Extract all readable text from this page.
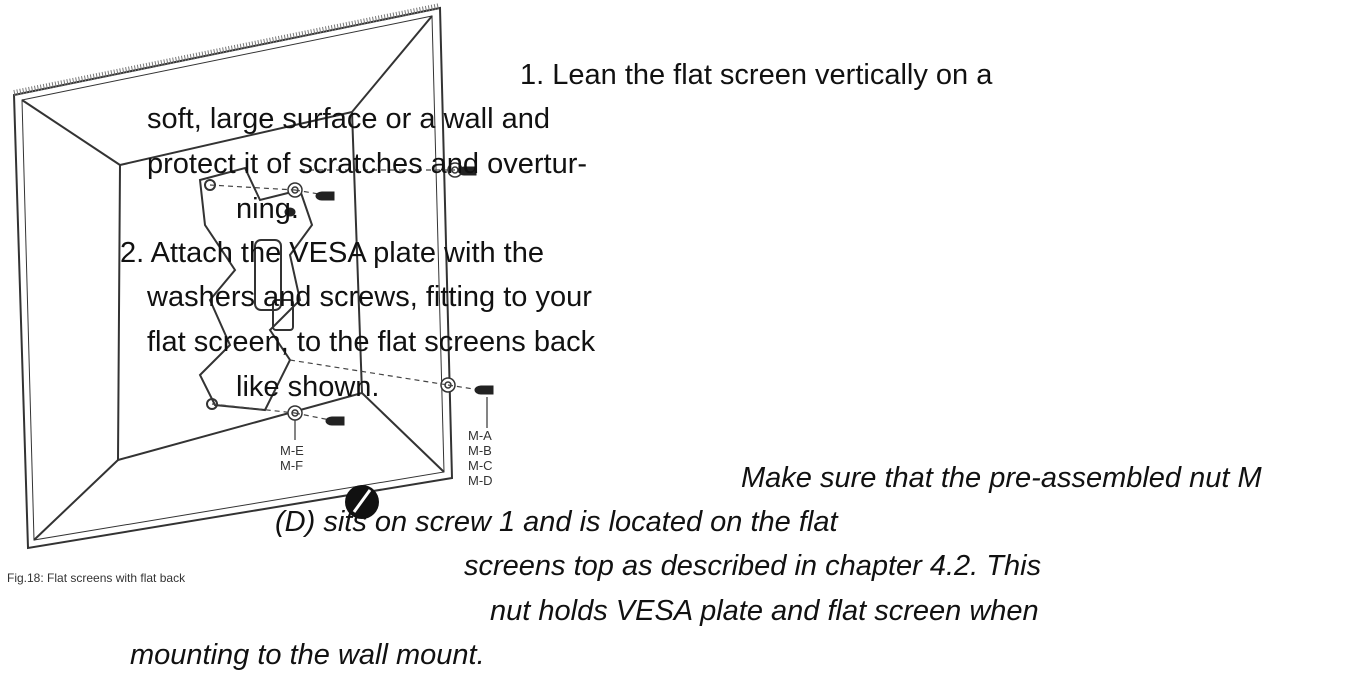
M-A
M-B
M-C
M-D
M-E
M-F
Fig.18: Flat screens with flat back
1. Lean the flat screen vertically on a
soft, large surface or a wall and
protect it of scratches and overtur-
ning.
2. Attach the VESA plate with the
washers and screws, fitting to your
flat screen, to the flat screens back
like shown.
Make sure that the pre-assembled nut M
(D) sits on screw 1 and is located on the flat
screens top as described in chapter 4.2. This
nut holds VESA plate and flat screen when
mounting to the wall mount.
